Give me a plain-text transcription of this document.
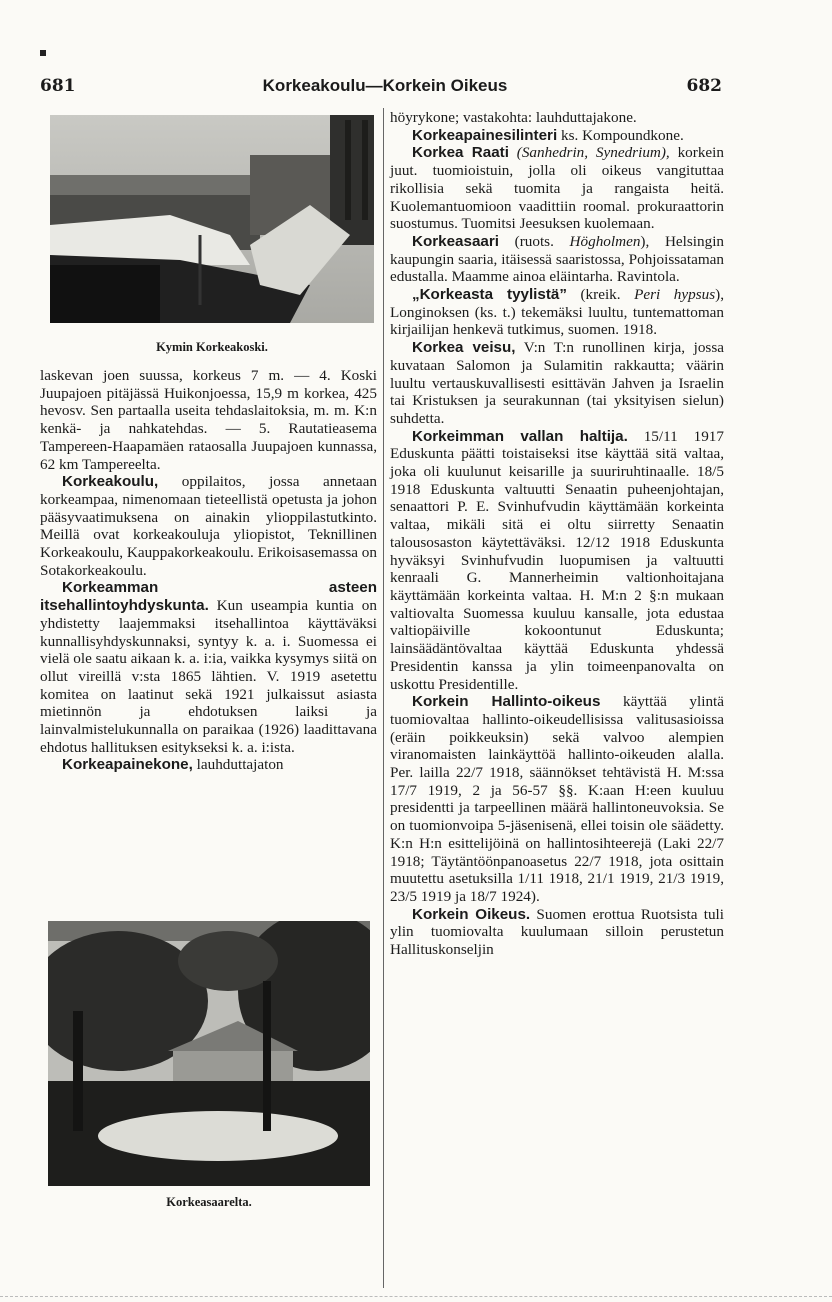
681	Korkeakoulu—Korkein Oikeus	682
Kymin Korkeakoski.

laskevan joen suussa, korkeus 7 m. — 4. Koski Juupajoen pitäjässä Huikonjoessa, 15,9 m korkea, 425 hevosv. Sen partaalla useita tehdaslaitoksia, m. m. K:n kenkä- ja nahkatehdas. — 5. Rautatieasema Tampereen-Haapamäen rataosalla Juupajoen kunnassa, 62 km Tampereelta.

Korkeakoulu, oppilaitos, jossa annetaan korkeampaa, nimenomaan tieteellistä opetusta ja johon pääsyvaatimuksena on ainakin ylioppilastutkinto. Meillä ovat korkeakouluja yliopistot, Teknillinen Korkeakoulu, Kauppakorkeakoulu. Erikoisasemassa on Sotakorkeakoulu.

Korkeamman asteen itsehallintoyhdyskunta. Kun useampia kuntia on yhdistetty laajemmaksi itsehallintoa käyttäväksi kunnallisyhdyskunnaksi, syntyy k. a. i. Suomessa ei vielä ole saatu aikaan k. a. i:ia, vaikka kysymys siitä on ollut vireillä v:sta 1865 lähtien. V. 1919 asetettu komitea on laatinut sekä 1921 julkaissut asiasta mietinnön ja ehdotuksen laiksi ja lainvalmistelukunnalla on paraikaa (1926) laadittavana ehdotus hallituksen esitykseksi k. a. i:ista.

Korkeapainekone, lauhduttajaton

Korkeasaarelta.

höyrykone; vastakohta: lauhduttajakone.

Korkeapainesilinteri ks. Kompoundkone.

Korkea Raati (Sanhedrin, Synedrium), korkein juut. tuomioistuin, jolla oli oikeus vangituttaa rikollisia sekä tuomita ja rangaista heitä. Kuolemantuomioon vaadittiin roomal. prokuraattorin suostumus. Tuomitsi Jeesuksen kuolemaan.

Korkeasaari (ruots. Högholmen), Helsingin kaupungin saaria, itäisessä saaristossa, Pohjoissataman edustalla. Maamme ainoa eläintarha. Ravintola.

„Korkeasta tyylistä” (kreik. Peri hypsus), Longinoksen (ks. t.) tekemäksi luultu, tuntemattoman kirjailijan henkevä tutkimus, suomen. 1918.

Korkea veisu, V:n T:n runollinen kirja, jossa kuvataan Salomon ja Sulamitin rakkautta; väärin luultu vertauskuvallisesti esittävän Jahven ja Israelin tai Kristuksen ja seurakunnan (tai yksityisen sielun) suhdetta.

Korkeimman vallan haltija. 15/11 1917 Eduskunta päätti toistaiseksi itse käyttää sitä valtaa, joka oli kuulunut keisarille ja suuriruhtinaalle. 18/5 1918 Eduskunta valtuutti Senaatin puheenjohtajan, senaattori P. E. Svinhufvudin käyttämään korkeinta valtaa, mikäli sitä ei oltu siirretty Senaatin talousosaston käytettäväksi. 12/12 1918 Eduskunta hyväksyi Svinhufvudin luopumisen ja valtuutti kenraali G. Mannerheimin valtionhoitajana käyttämään korkeinta valtaa. H. M:n 2 §:n mukaan valtiovalta Suomessa kuuluu kansalle, jota edustaa valtiopäiville kokoontunut Eduskunta; lainsäädäntövaltaa käyttää Eduskunta yhdessä Presidentin kanssa ja ylin toimeenpanovalta on uskottu Presidentille.

Korkein Hallinto-oikeus käyttää ylintä tuomiovaltaa hallinto-oikeudellisissa valitusasioissa (eräin poikkeuksin) sekä valvoo alempien viranomaisten lainkäyttöä hallinto-oikeuden alalla. Per. lailla 22/7 1918, säännökset tehtävistä H. M:ssa 17/7 1919, 2 ja 56-57 §§. K:aan H:een kuuluu presidentti ja tarpeellinen määrä hallintoneuvoksia. Se on tuomionvoipa 5-jäsenisenä, ellei toisin ole säädetty. K:n H:n esittelijöinä on hallintosihteerejä (Laki 22/7 1918; Täytäntöönpanoasetus 22/7 1918, jota osittain muutettu asetuksilla 1/11 1918, 21/1 1919, 21/3 1919, 23/5 1919 ja 18/7 1924).

Korkein Oikeus. Suomen erottua Ruotsista tuli ylin tuomiovalta kuulumaan silloin perustetun Hallituskonseljin
